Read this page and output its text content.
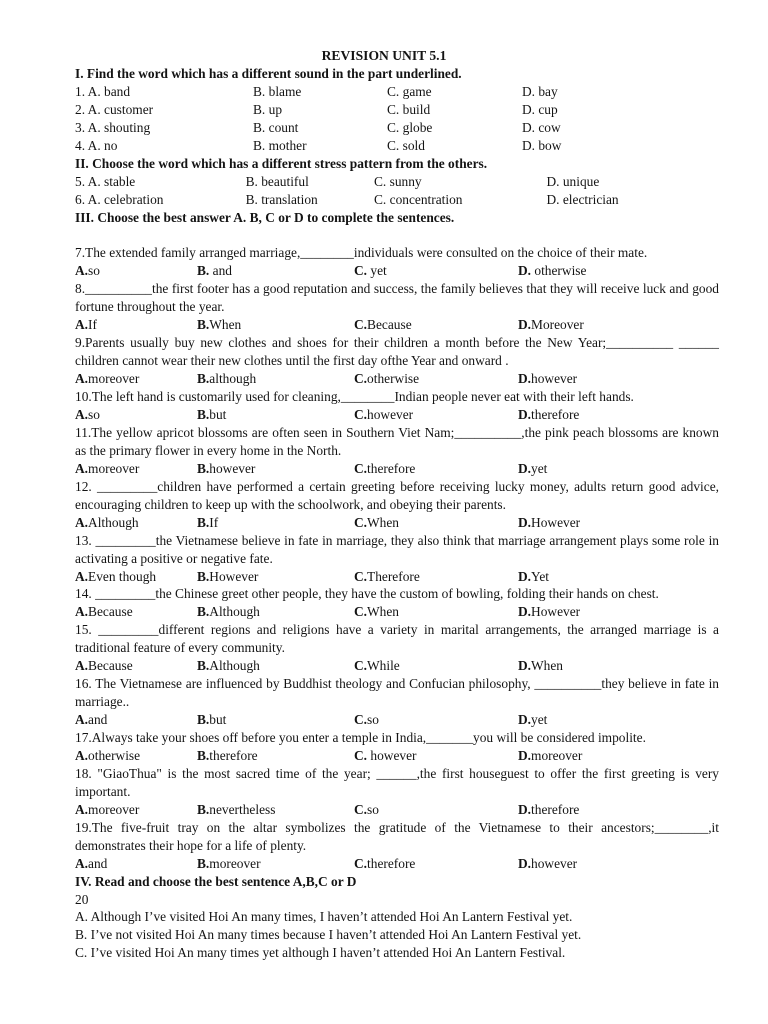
REVISION UNIT 5.1
I. Find the word which has a different sound in the part underlined.
1. A. band	B. blame	C. game	D. bay
2. A. customer	B. up	C. build	D. cup
3. A. shouting	B. count	C. globe	D. cow
4. A. no	B. mother	C. sold	D. bow
II. Choose the word which has a different stress pattern from the others.
5. A. stable	B. beautiful	C. sunny	D. unique
6. A. celebration	B. translation	C. concentration	D. electrician
III. Choose the best answer A. B, C or D to complete the sentences.
7.The extended family arranged marriage,________individuals were consulted on the choice of their mate.
A.so	B. and	C. yet	D. otherwise
8.__________the first footer has a good reputation and success, the family believes that they will receive luck and good fortune throughout the year.
A.If	B.When	C.Because	D.Moreover
9.Parents usually buy new clothes and shoes for their children a month before the New Year;__________ ______ children cannot wear their new clothes until the first day ofthe Year and onward .
A.moreover	B.although	C.otherwise	D.however
10.The left hand is customarily used for cleaning,________Indian people never eat with their left hands.
A.so	B.but	C.however	D.therefore
11.The yellow apricot blossoms are often seen in Southern Viet Nam;__________,the pink peach blossoms are known as the primary flower in every home in the North.
A.moreover	B.however	C.therefore	D.yet
12. _________children have performed a certain greeting before receiving lucky money, adults return good advice, encouraging children to keep up with the schoolwork, and obeying their parents.
A.Although	B.If	C.When	D.However
13. _________the Vietnamese believe in fate in marriage, they also think that marriage arrangement plays some role in activating a positive or negative fate.
A.Even though	B.However	C.Therefore	D.Yet
14. _________the Chinese greet other people, they have the custom of bowling, folding their hands on chest.
A.Because	B.Although	C.When	D.However
15. _________different regions and religions have a variety in marital arrangements, the arranged marriage is a traditional feature of every community.
A.Because	B.Although	C.While	D.When
16. The Vietnamese are influenced by Buddhist theology and Confucian philosophy, __________they believe in fate in marriage..
A.and	B.but	C.so	D.yet
17.Always take your shoes off before you enter a temple in India,_______you will be considered impolite.
A.otherwise	B.therefore	C. however	D.moreover
18. "GiaoThua" is the most sacred time of the year; ______,the first houseguest to offer the first greeting is very important.
A.moreover	B.nevertheless	C.so	D.therefore
19.The five-fruit tray on the altar symbolizes the gratitude of the Vietnamese to their ancestors;________,it demonstrates their hope for a life of plenty.
A.and	B.moreover	C.therefore	D.however
IV. Read and choose the best sentence A,B,C or D
20
A. Although I’ve visited Hoi An many times, I haven’t attended Hoi An Lantern Festival yet.
B. I’ve not visited Hoi An many times because I haven’t attended Hoi An Lantern Festival yet.
C. I’ve visited Hoi An many times yet although I haven’t attended Hoi An Lantern Festival.
